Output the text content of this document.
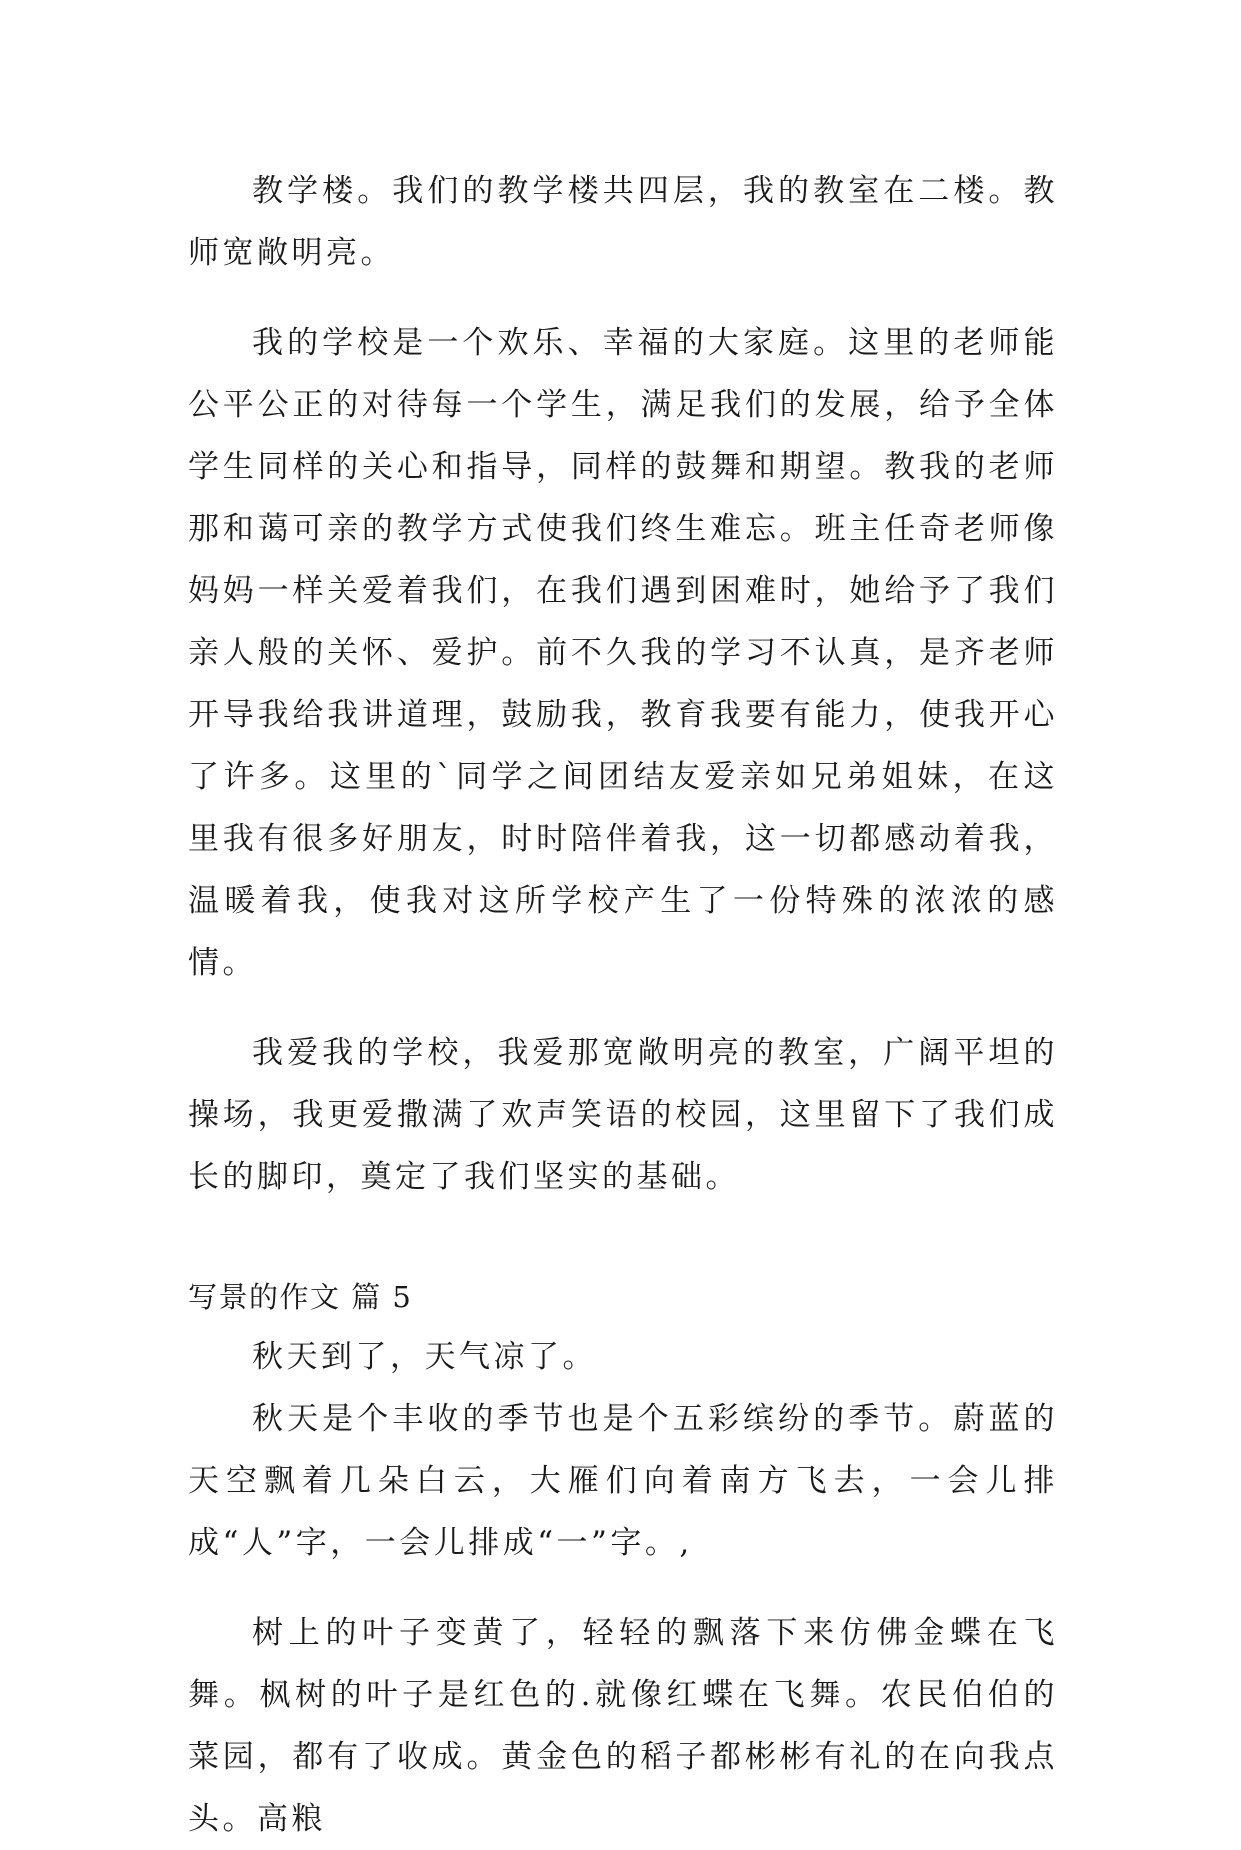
教学楼。我们的教学楼共四层，我的教室在二楼。教师宽敞明亮。

我的学校是一个欢乐、幸福的大家庭。这里的老师能公平公正的对待每一个学生，满足我们的发展，给予全体学生同样的关心和指导，同样的鼓舞和期望。教我的老师那和蔼可亲的教学方式使我们终生难忘。班主任奇老师像妈妈一样关爱着我们，在我们遇到困难时，她给予了我们亲人般的关怀、爱护。前不久我的学习不认真，是齐老师开导我给我讲道理，鼓励我，教育我要有能力，使我开心了许多。这里的`同学之间团结友爱亲如兄弟姐妹，在这里我有很多好朋友，时时陪伴着我，这一切都感动着我，温暖着我，使我对这所学校产生了一份特殊的浓浓的感情。

我爱我的学校，我爱那宽敞明亮的教室，广阔平坦的操场，我更爱撒满了欢声笑语的校园，这里留下了我们成长的脚印，奠定了我们坚实的基础。

写景的作文 篇 5

秋天到了，天气凉了。

秋天是个丰收的季节也是个五彩缤纷的季节。蔚蓝的天空飘着几朵白云，大雁们向着南方飞去，一会儿排成“人”字，一会儿排成“一”字。,

树上的叶子变黄了，轻轻的飘落下来仿佛金蝶在飞舞。枫树的叶子是红色的.就像红蝶在飞舞。农民伯伯的菜园，都有了收成。黄金色的稻子都彬彬有礼的在向我点头。高粮
